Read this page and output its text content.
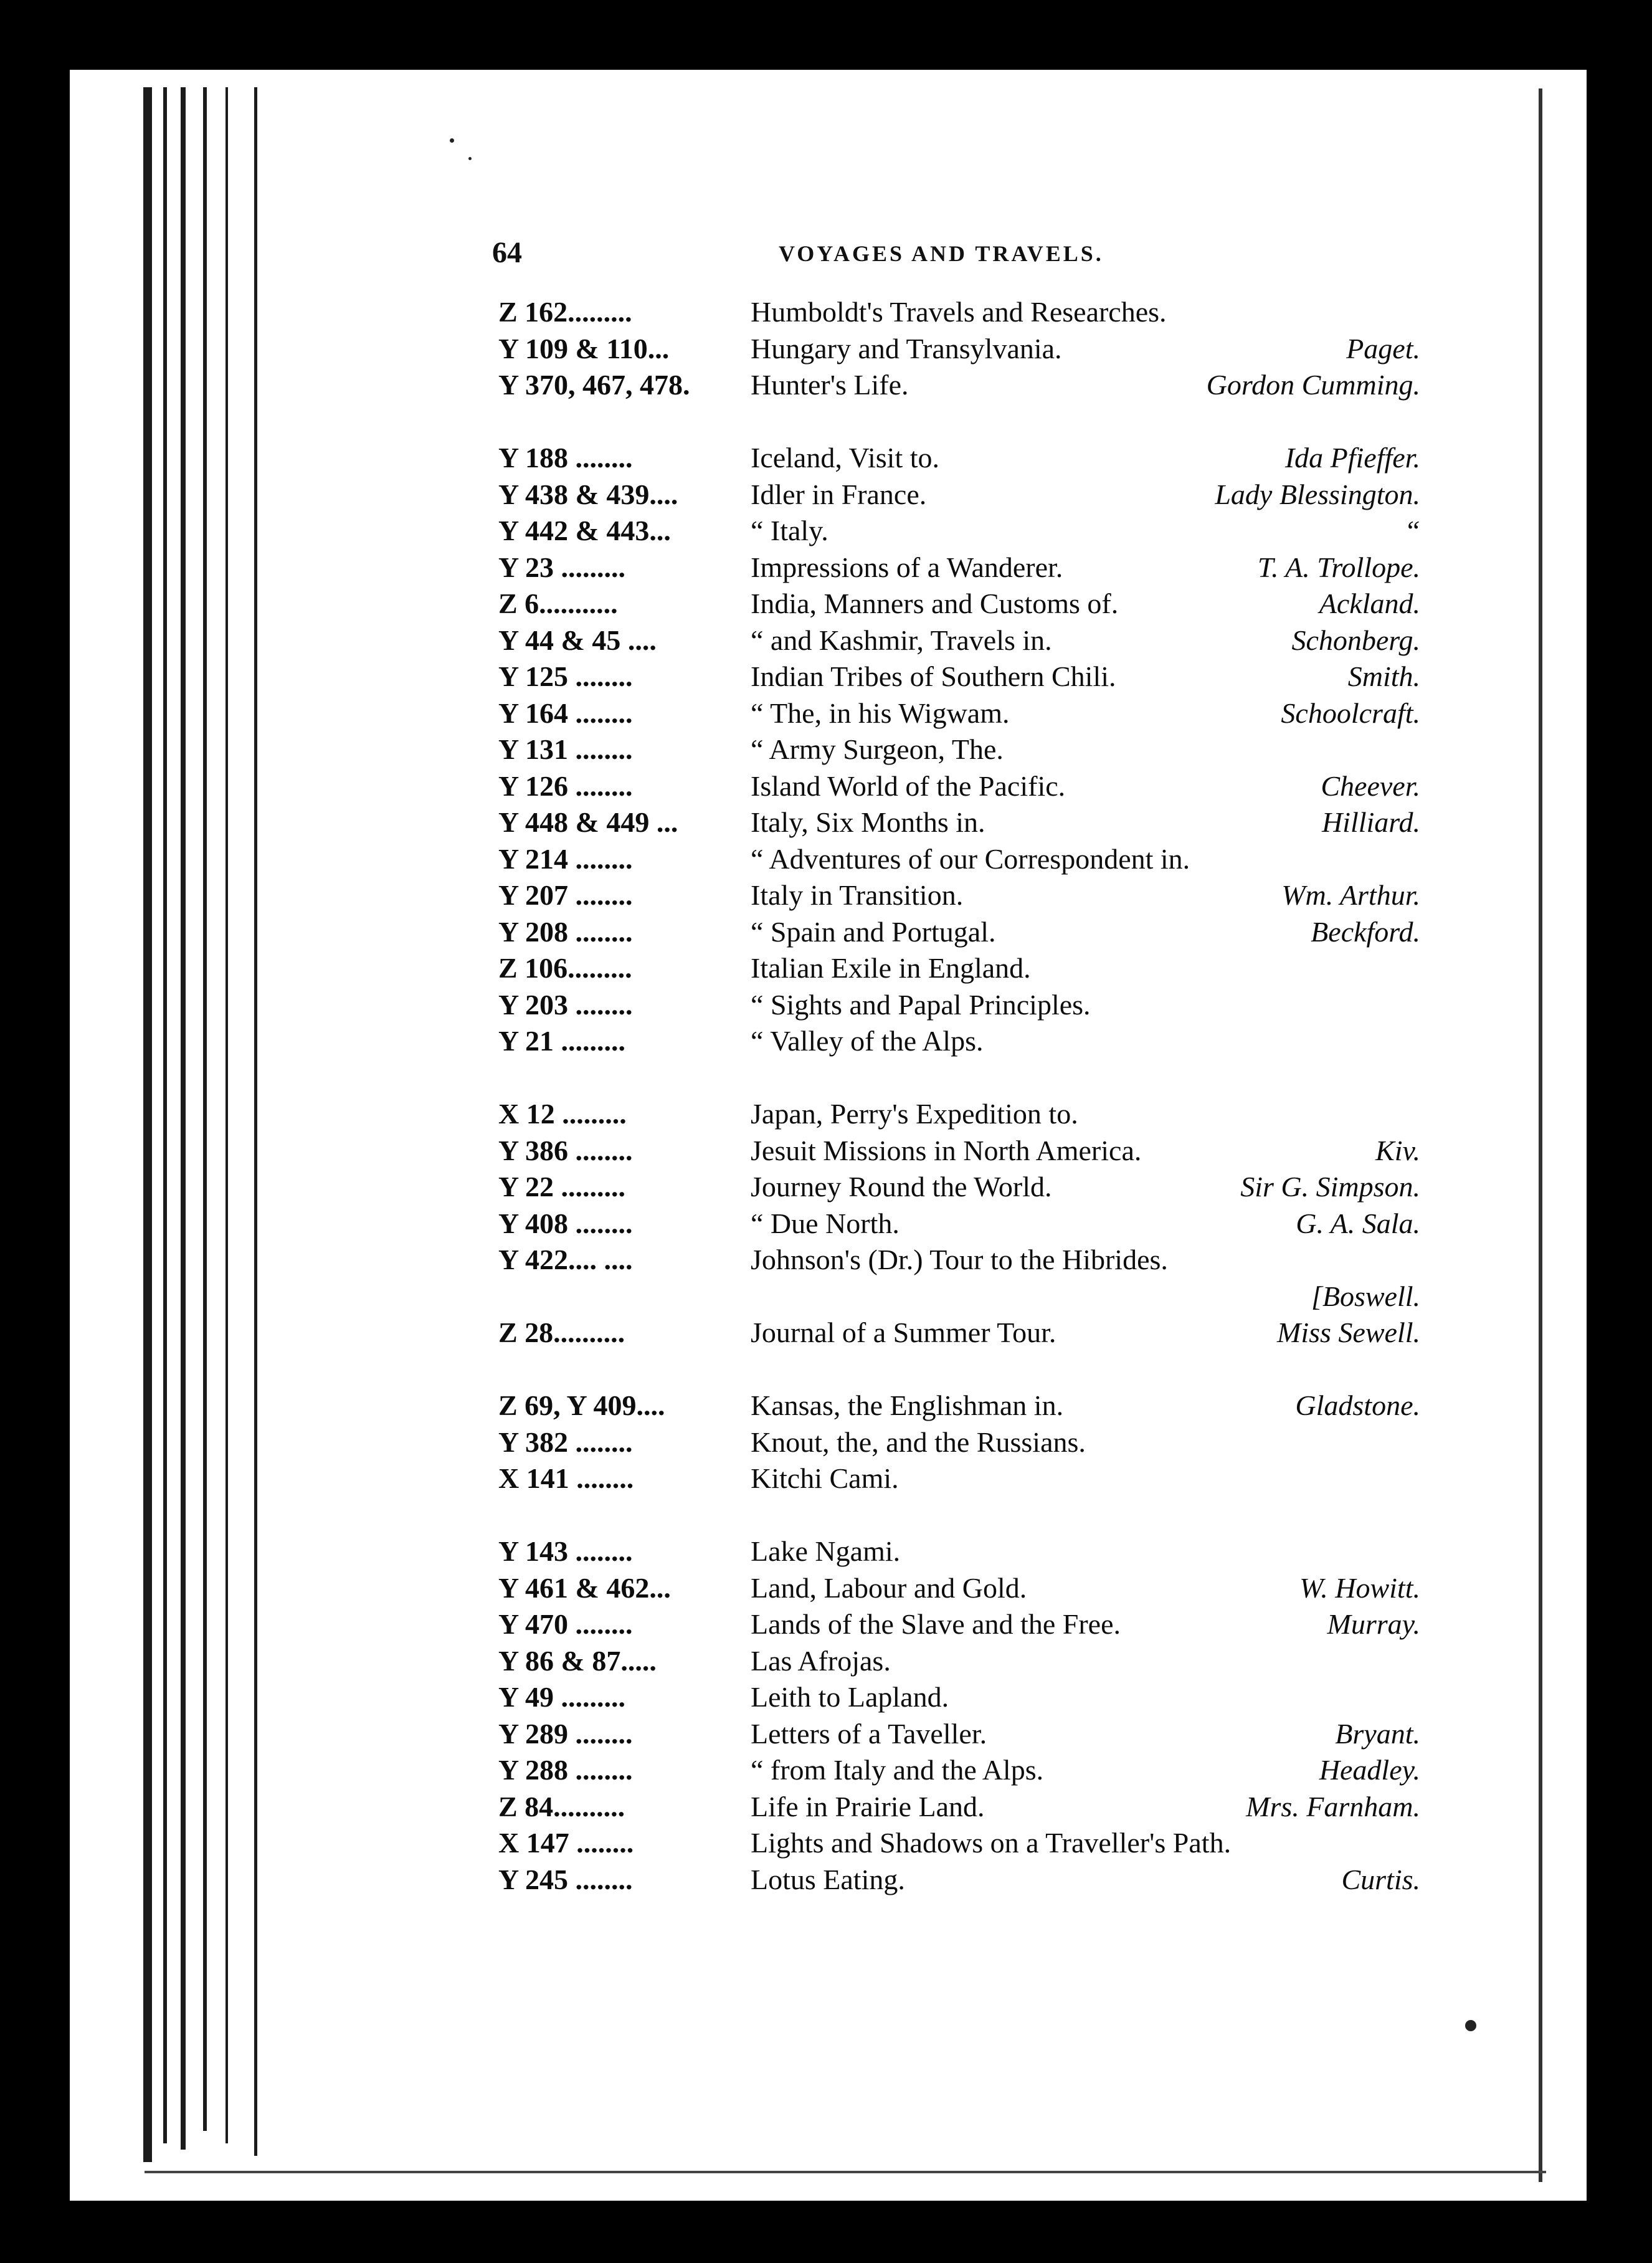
64	VOYAGES AND TRAVELS.
Z 162.........	Humboldt's Travels and Researches.
Y 109 & 110...	Hungary and Transylvania.	Paget.
Y 370, 467, 478. Hunter's Life.	Gordon Cumming.
Y 188 ........	Iceland, Visit to.	Ida Pfieffer.
Y 438 & 439....	Idler in France.	Lady Blessington.
Y 442 & 443...	“ Italy.	“
Y 23 .........	Impressions of a Wanderer.	T. A. Trollope.
Z 6...........	India, Manners and Customs of.	Ackland.
Y 44 & 45 ....	“ and Kashmir, Travels in.	Schonberg.
Y 125 ........	Indian Tribes of Southern Chili.	Smith.
Y 164 ........	“ The, in his Wigwam.	Schoolcraft.
Y 131 ........	“ Army Surgeon, The.
Y 126 ........	Island World of the Pacific.	Cheever.
Y 448 & 449 ...	Italy, Six Months in.	Hilliard.
Y 214 ........	“ Adventures of our Correspondent in.
Y 207 ........	Italy in Transition.	Wm. Arthur.
Y 208 ........	“ Spain and Portugal.	Beckford.
Z 106.........	Italian Exile in England.
Y 203 ........	“ Sights and Papal Principles.
Y 21 .........	“ Valley of the Alps.
X 12 .........	Japan, Perry's Expedition to.
Y 386 ........	Jesuit Missions in North America.	Kiv.
Y 22 .........	Journey Round the World.	Sir G. Simpson.
Y 408 ........	“ Due North.	G. A. Sala.
Y 422.... ....	Johnson's (Dr.) Tour to the Hibrides.
[Boswell.
Z 28..........	Journal of a Summer Tour.	Miss Sewell.
Z 69, Y 409....	Kansas, the Englishman in.	Gladstone.
Y 382 ........	Knout, the, and the Russians.
X 141 ........	Kitchi Cami.
Y 143 ........	Lake Ngami.
Y 461 & 462...	Land, Labour and Gold.	W. Howitt.
Y 470 ........	Lands of the Slave and the Free.	Murray.
Y 86 & 87.....	Las Afrojas.
Y 49 .........	Leith to Lapland.
Y 289 ........	Letters of a Taveller.	Bryant.
Y 288 ........	“ from Italy and the Alps.	Headley.
Z 84..........	Life in Prairie Land.	Mrs. Farnham.
X 147 ........	Lights and Shadows on a Traveller's Path.
Y 245 ........	Lotus Eating.	Curtis.
